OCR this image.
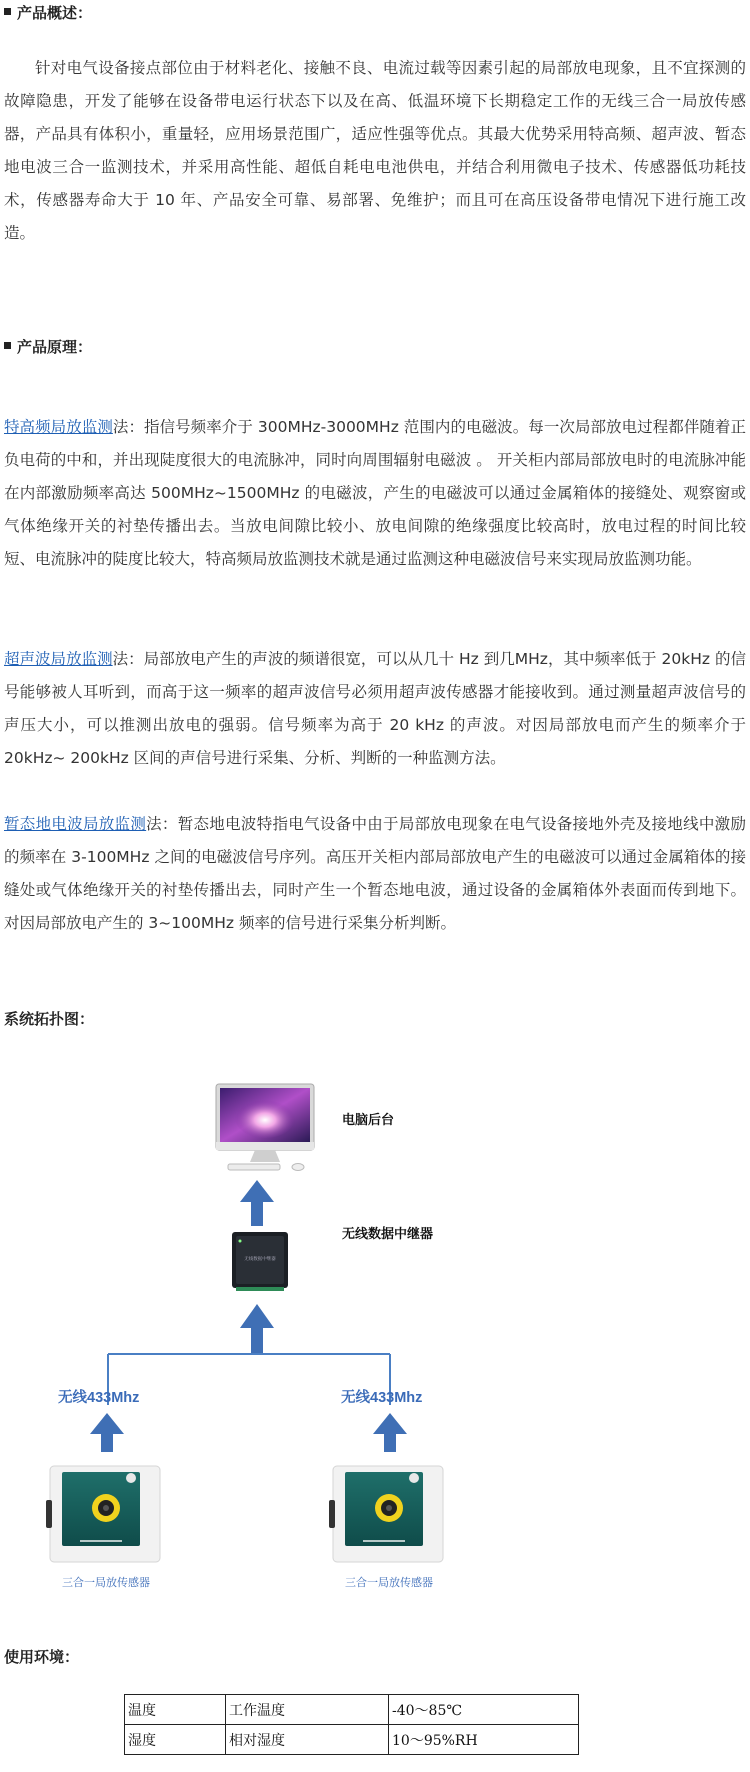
产品概述：
针对电气设备接点部位由于材料老化、接触不良、电流过载等因素引起的局部放电现象，且不宜探测的故障隐患，开发了能够在设备带电运行状态下以及在高、低温环境下长期稳定工作的无线三合一局放传感器，产品具有体积小，重量轻，应用场景范围广，适应性强等优点。其最大优势采用特高频、超声波、暂态地电波三合一监测技术，并采用高性能、超低自耗电电池供电，并结合利用微电子技术、传感器低功耗技术，传感器寿命大于 10 年、产品安全可靠、易部署、免维护；而且可在高压设备带电情况下进行施工改造。
产品原理：
特高频局放监测法：指信号频率介于 300MHz-3000MHz 范围内的电磁波。每一次局部放电过程都伴随着正负电荷的中和，并出现陡度很大的电流脉冲，同时向周围辐射电磁波 。 开关柜内部局部放电时的电流脉冲能在内部激励频率高达 500MHz~1500MHz 的电磁波，产生的电磁波可以通过金属箱体的接缝处、观察窗或气体绝缘开关的衬垫传播出去。当放电间隙比较小、放电间隙的绝缘强度比较高时，放电过程的时间比较短、电流脉冲的陡度比较大，特高频局放监测技术就是通过监测这种电磁波信号来实现局放监测功能。
超声波局放监测法：局部放电产生的声波的频谱很宽，可以从几十 Hz 到几MHz，其中频率低于 20kHz 的信号能够被人耳听到，而高于这一频率的超声波信号必须用超声波传感器才能接收到。通过测量超声波信号的声压大小，可以推测出放电的强弱。信号频率为高于 20 kHz 的声波。对因局部放电而产生的频率介于 20kHz~ 200kHz 区间的声信号进行采集、分析、判断的一种监测方法。
暂态地电波局放监测法：暂态地电波特指电气设备中由于局部放电现象在电气设备接地外壳及接地线中激励的频率在 3-100MHz 之间的电磁波信号序列。高压开关柜内部局部放电产生的电磁波可以通过金属箱体的接缝处或气体绝缘开关的衬垫传播出去，同时产生一个暂态地电波，通过设备的金属箱体外表面而传到地下。对因局部放电产生的 3~100MHz 频率的信号进行采集分析判断。
系统拓扑图：
电脑后台
无线数据中继器
无线数据中继器
无线433Mhz	无线433Mhz
三合一局放传感器	三合一局放传感器
使用环境：
温度	工作温度	-40～85℃
湿度	相对湿度	10～95%RH
